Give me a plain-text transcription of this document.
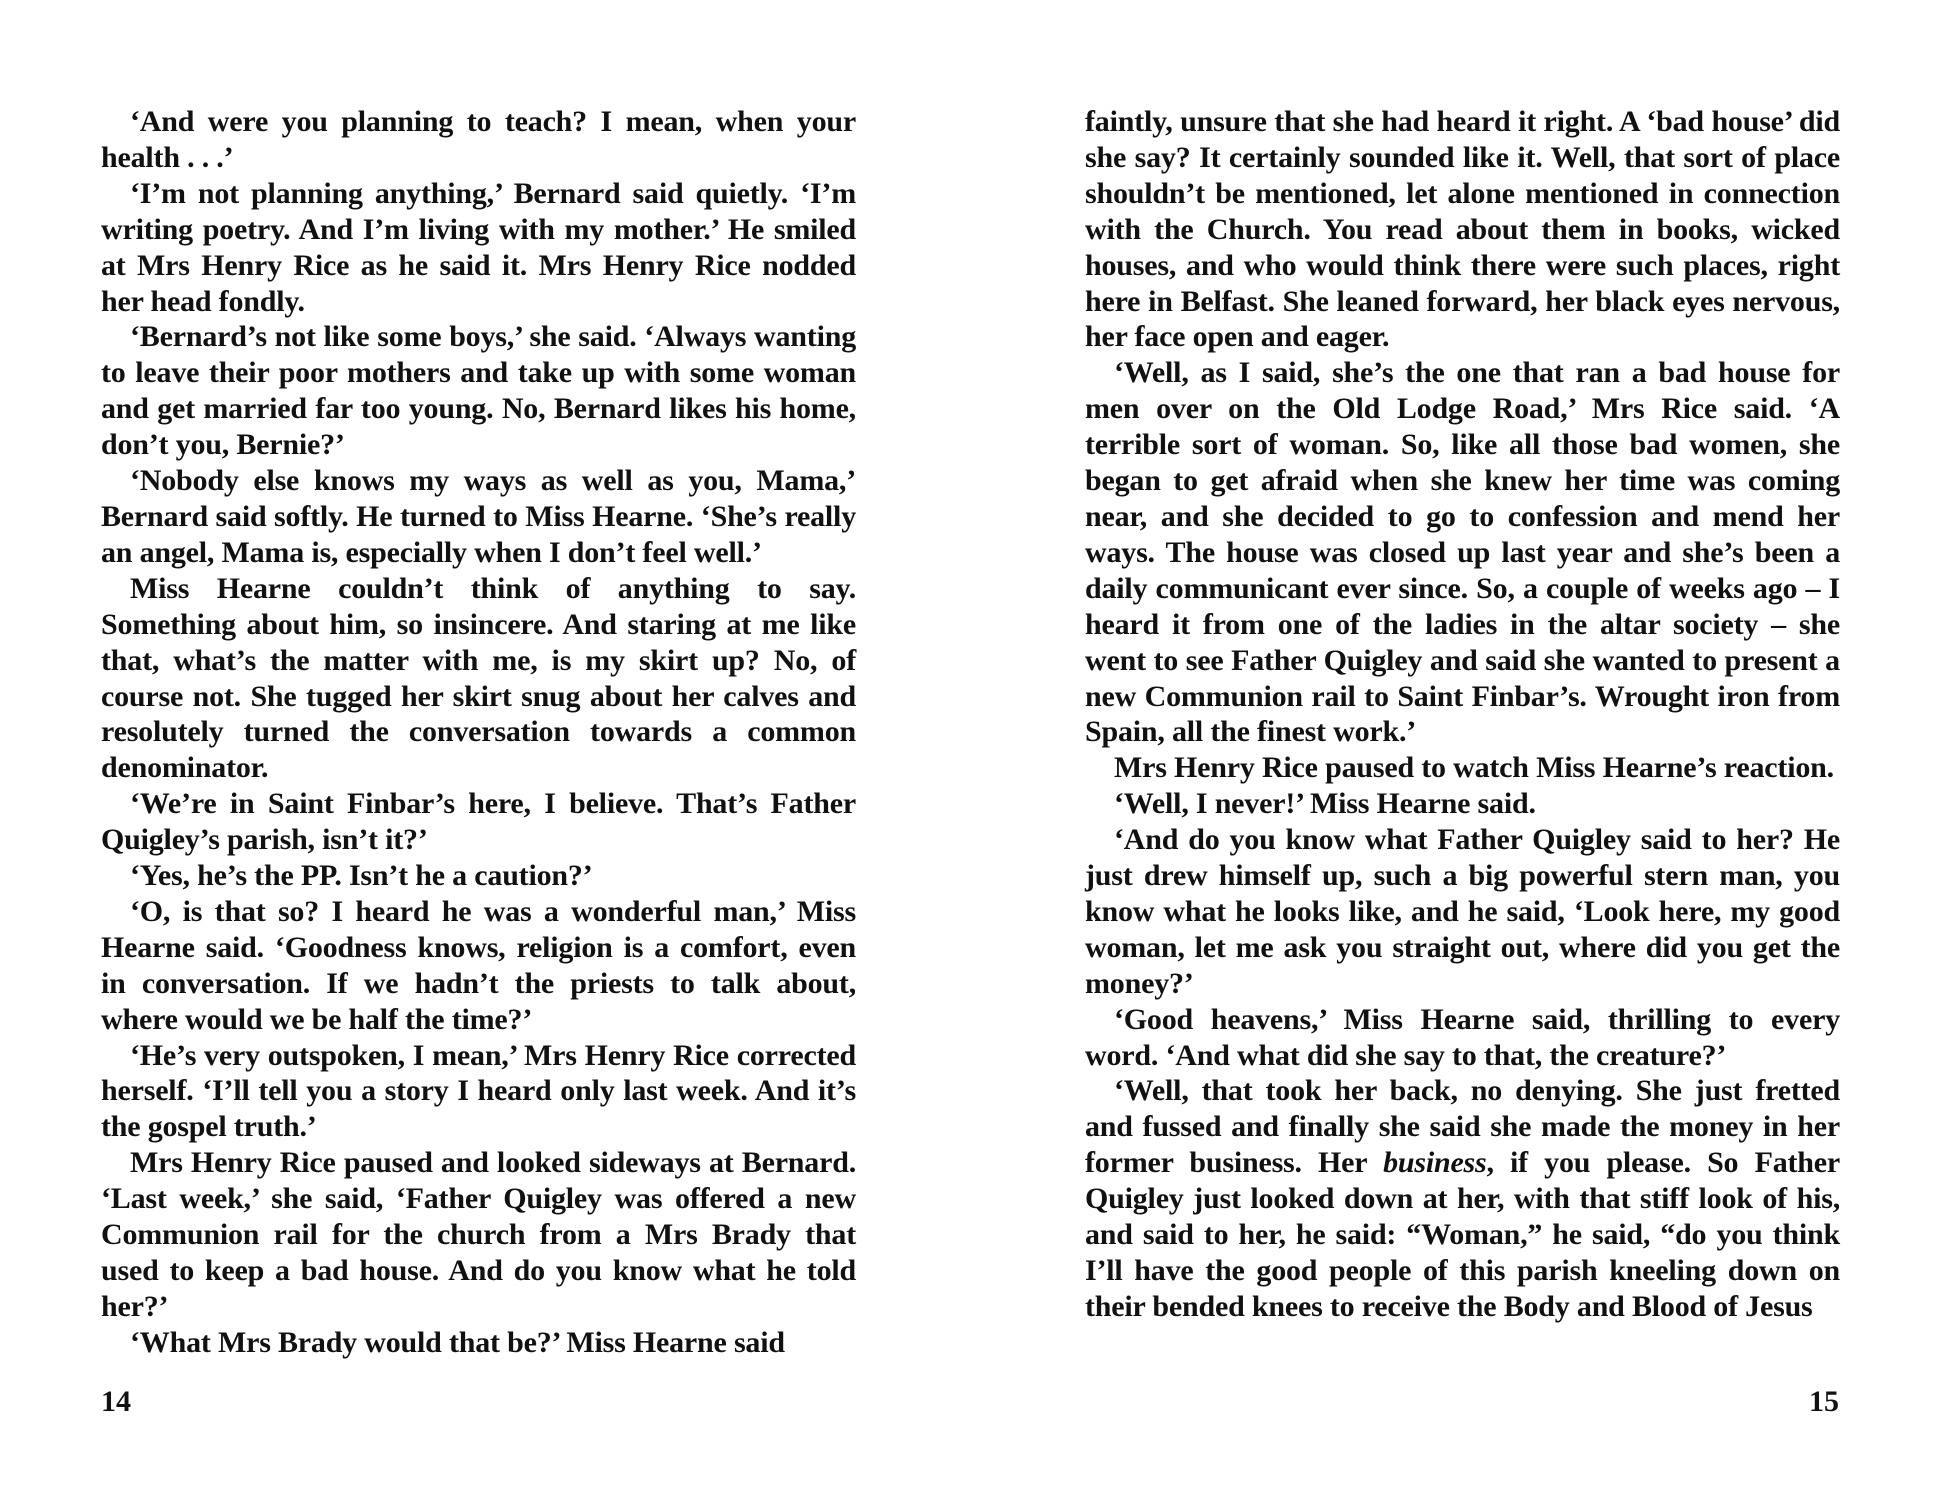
‘And were you planning to teach? I mean, when your health . . .’

‘I’m not planning anything,’ Bernard said quietly. ‘I’m writing poetry. And I’m living with my mother.’ He smiled at Mrs Henry Rice as he said it. Mrs Henry Rice nodded her head fondly.

‘Bernard’s not like some boys,’ she said. ‘Always wanting to leave their poor mothers and take up with some woman and get married far too young. No, Bernard likes his home, don’t you, Bernie?’

‘Nobody else knows my ways as well as you, Mama,’ Bernard said softly. He turned to Miss Hearne. ‘She’s really an angel, Mama is, especially when I don’t feel well.’

Miss Hearne couldn’t think of anything to say. Something about him, so insincere. And staring at me like that, what’s the matter with me, is my skirt up? No, of course not. She tugged her skirt snug about her calves and resolutely turned the conversation towards a common denominator.

‘We’re in Saint Finbar’s here, I believe. That’s Father Quigley’s parish, isn’t it?’

‘Yes, he’s the PP. Isn’t he a caution?’

‘O, is that so? I heard he was a wonderful man,’ Miss Hearne said. ‘Goodness knows, religion is a comfort, even in conversation. If we hadn’t the priests to talk about, where would we be half the time?’

‘He’s very outspoken, I mean,’ Mrs Henry Rice corrected herself. ‘I’ll tell you a story I heard only last week. And it’s the gospel truth.’

Mrs Henry Rice paused and looked sideways at Bernard. ‘Last week,’ she said, ‘Father Quigley was offered a new Communion rail for the church from a Mrs Brady that used to keep a bad house. And do you know what he told her?’

‘What Mrs Brady would that be?’ Miss Hearne said

14

faintly, unsure that she had heard it right. A ‘bad house’ did she say? It certainly sounded like it. Well, that sort of place shouldn’t be mentioned, let alone mentioned in connection with the Church. You read about them in books, wicked houses, and who would think there were such places, right here in Belfast. She leaned forward, her black eyes nervous, her face open and eager.

‘Well, as I said, she’s the one that ran a bad house for men over on the Old Lodge Road,’ Mrs Rice said. ‘A terrible sort of woman. So, like all those bad women, she began to get afraid when she knew her time was coming near, and she decided to go to confession and mend her ways. The house was closed up last year and she’s been a daily communicant ever since. So, a couple of weeks ago – I heard it from one of the ladies in the altar society – she went to see Father Quigley and said she wanted to present a new Communion rail to Saint Finbar’s. Wrought iron from Spain, all the finest work.’

Mrs Henry Rice paused to watch Miss Hearne’s reaction.

‘Well, I never!’ Miss Hearne said.

‘And do you know what Father Quigley said to her? He just drew himself up, such a big powerful stern man, you know what he looks like, and he said, ‘Look here, my good woman, let me ask you straight out, where did you get the money?’

‘Good heavens,’ Miss Hearne said, thrilling to every word. ‘And what did she say to that, the creature?’

‘Well, that took her back, no denying. She just fretted and fussed and finally she said she made the money in her former business. Her business, if you please. So Father Quigley just looked down at her, with that stiff look of his, and said to her, he said: “Woman,” he said, “do you think I’ll have the good people of this parish kneeling down on their bended knees to receive the Body and Blood of Jesus

15
